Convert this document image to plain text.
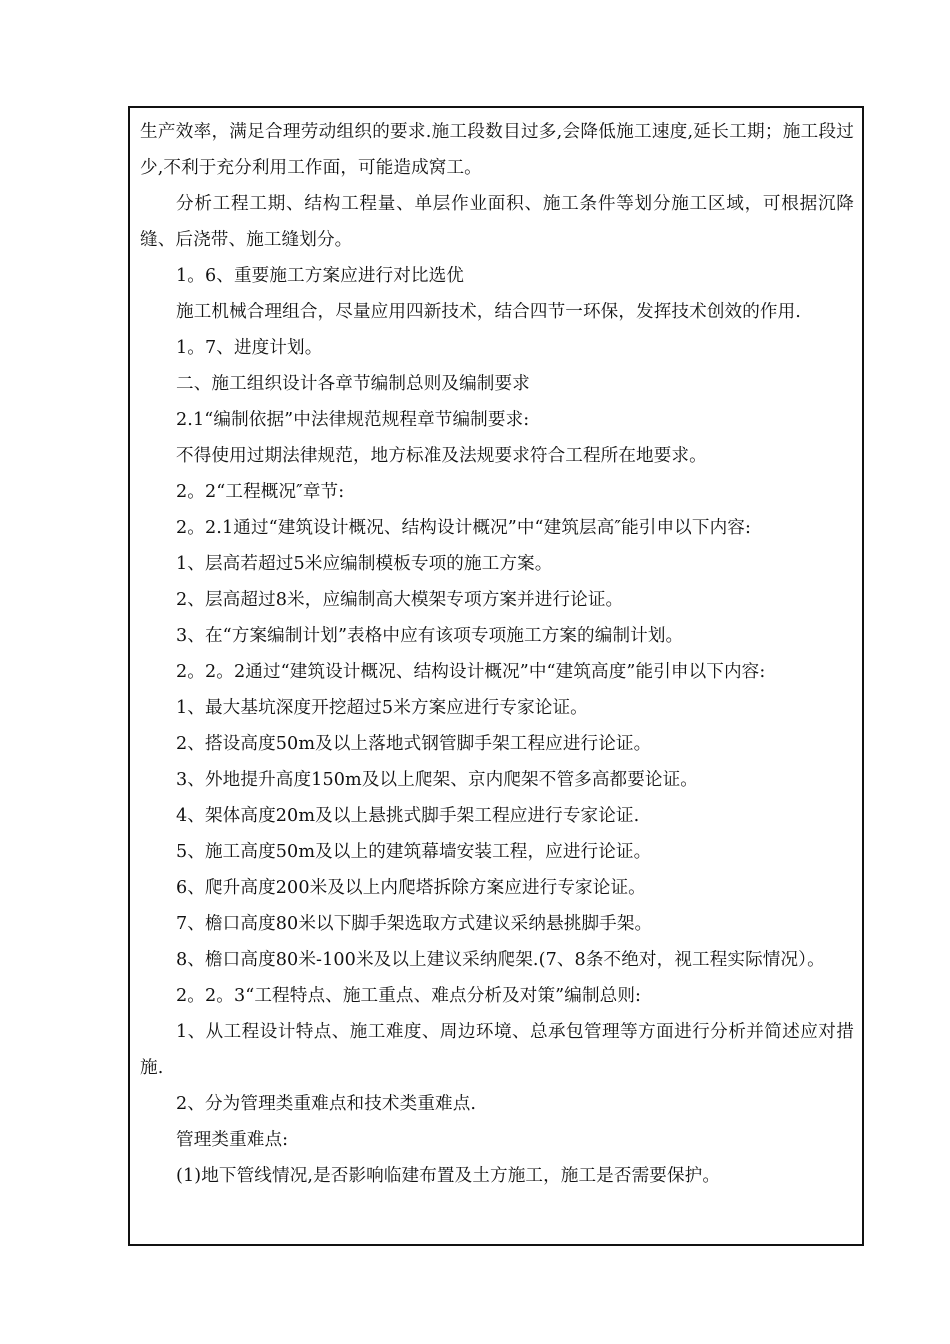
生产效率，满足合理劳动组织的要求.施工段数目过多,会降低施工速度,延长工期；施工段过少,不利于充分利用工作面，可能造成窝工。

分析工程工期、结构工程量、单层作业面积、施工条件等划分施工区域，可根据沉降缝、后浇带、施工缝划分。

1。6、重要施工方案应进行对比选优

施工机械合理组合，尽量应用四新技术，结合四节一环保，发挥技术创效的作用.

1。7、进度计划。

二、施工组织设计各章节编制总则及编制要求

2.1“编制依据”中法律规范规程章节编制要求:

不得使用过期法律规范，地方标准及法规要求符合工程所在地要求。

2。2“工程概况″章节:

2。2.1通过“建筑设计概况、结构设计概况”中“建筑层高″能引申以下内容:

1、层高若超过5米应编制模板专项的施工方案。

2、层高超过8米，应编制高大模架专项方案并进行论证。

3、在“方案编制计划”表格中应有该项专项施工方案的编制计划。

2。2。2通过“建筑设计概况、结构设计概况”中“建筑高度”能引申以下内容:

1、最大基坑深度开挖超过5米方案应进行专家论证。

2、搭设高度50m及以上落地式钢管脚手架工程应进行论证。

3、外地提升高度150m及以上爬架、京内爬架不管多高都要论证。

4、架体高度20m及以上悬挑式脚手架工程应进行专家论证.

5、施工高度50m及以上的建筑幕墙安装工程，应进行论证。

6、爬升高度200米及以上内爬塔拆除方案应进行专家论证。

7、檐口高度80米以下脚手架选取方式建议采纳悬挑脚手架。

8、檐口高度80米-100米及以上建议采纳爬架.(7、8条不绝对，视工程实际情况）。

2。2。3“工程特点、施工重点、难点分析及对策”编制总则:

1、从工程设计特点、施工难度、周边环境、总承包管理等方面进行分析并简述应对措施.

2、分为管理类重难点和技术类重难点.

管理类重难点:

(1)地下管线情况,是否影响临建布置及土方施工，施工是否需要保护。
